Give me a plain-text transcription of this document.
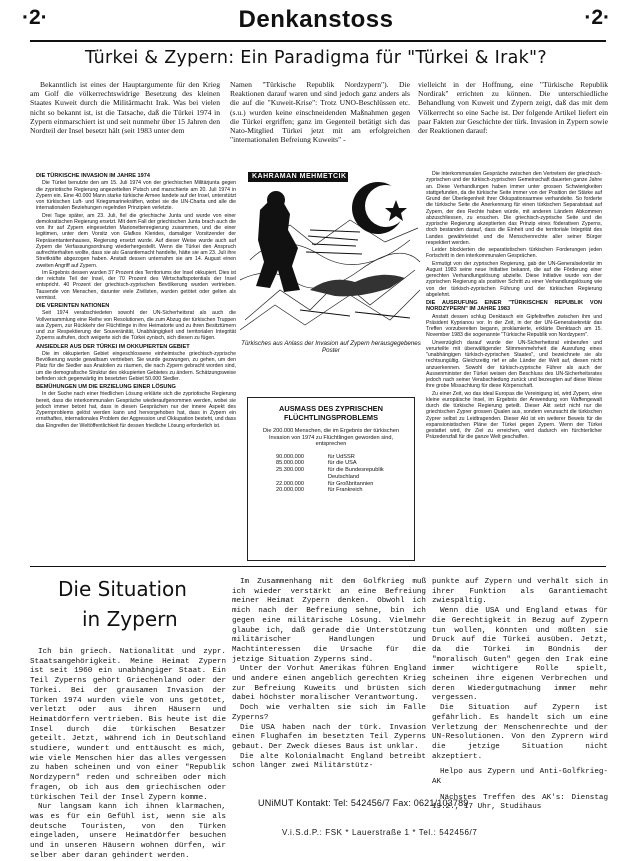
·2·	Denkanstoss	·2·
Türkei & Zypern: Ein Paradigma für "Türkei & Irak"?

Bekanntlich ist eines der Hauptargumente für den Krieg am Golf die völkerrechtswidrige Besetzung des kleinen Staates Kuweit durch die Militärmacht Irak. Was bei vielen nicht so bekannt ist, ist die Tatsache, daß die Türkei 1974 in Zypern einmarschiert ist und seit nunmehr über 15 Jahren den Nordteil der Insel besetzt hält (seit 1983 unter dem

Namen "Türkische Republik Nordzypern"). Die Reaktionen darauf waren und sind jedoch ganz anders als die auf die "Kuweit-Krise": Trotz UNO-Beschlüssen etc. (s.u.) wurden keine einschneidenden Maßnahmen gegen die Türkei ergriffen; ganz im Gegenteil betätigt sich das Nato-Mitglied Türkei jetzt mit am erfolgreichen "internationalen Befreiung Kuweits" -

vielleicht in der Hoffnung, eine "Türkische Republik Nordirak" errichten zu können. Die unterschiedliche Behandlung von Kuweit und Zypern zeigt, daß das mit dem Völkerrecht so eine Sache ist. Der folgende Artikel liefert ein paar Fakten zur Geschichte der türk. Invasion in Zypern sowie der Reaktionen darauf:

DIE TÜRKISCHE INVASION IM JAHRE 1974

Die Türkei benutzte den am 15. Juli 1974 von der griechischen Militärjunta gegen die zypriotische Regierung angezettelten Putsch und marschierte am 20. Juli 1974 in Zypern ein. Eine 40.000 Mann starke türkische Armee landete auf der Insel, unterstützt von türkischen Luft- und Kriegsmarinekräften, wobei sie die UN-Charta und alle die internationalen Beziehungen regelnden Prinzipien verletzte.

Drei Tage später, am 23. Juli, fiel die griechische Junta und wurde von einer demokratischen Regierung ersetzt. Mit dem Fall der griechischen Junta brach auch die von ihr auf Zypern eingesetzten Marionettenregierung zusammen, und die einer legitimen, unter dem Vorsitz von Glafkos Klerides, damaliger Vorsitzender der Repräsentantenhauses, Regierung ersetzt wurde. Auf dieser Weise wurde auch auf Zypern die Verfassungsordnung wiederhergestellt. Wenn die Türkei den Anspruch aufrechterhalten wollte, dass sie als Garantiemacht handelte, hätte sie am 23. Juli ihre Streitkräfte abgezogen haben. Anstatt dessen unternahm sie am 14. August einen zweiten Angriff auf Zypern.

Im Ergebnis dessen wurden 37 Prozent des Territoriums der Insel okkupiert. Dies ist der reichste Teil der Insel, der 70 Prozent des Wirtschaftspotentials der Insel entspricht. 40 Prozent der griechisch-zyprischen Bevölkerung wurden vertrieben. Tausende von Menschen, darunter viele Zivilisten, wurden getötet oder gelten als vermisst.

DIE VEREINTEN NATIONEN

Seit 1974 verabschiedeten sowohl der UN-Sicherheitsrat als auch die Vollversammlung eine Reihe von Resolutionen, die zum Abzug der türkischen Truppen aus Zypern, zur Rückkehr der Flüchtlinge in ihre Heimatorte und zu ihren Besitztümern und zur Respektierung der Souveränität, Unabhängigkeit und territorialen Integrität Zyperns aufrufen, doch weigerte sich die Türkei zynisch, sich diesen zu fügen.

ANSIEDLER AUS DER TÜRKEI IM OKKUPIERTEN GEBIET

Die im okkupierten Gebiet eingeschlossene einheimische griechisch-zyprische Bevölkerung wurde gewaltsam vertrieben. Sie wurde gezwungen, zu gehen, um den Platz für die Siedler aus Anatolien zu räumen, die nach Zypern gebracht worden sind, um die demografische Struktur des okkupierten Gebietes zu ändern. Schätzungsweise befinden sich gegenwärtig im besetzten Gebiet 50.000 Siedler.

BEMÜHUNGEN UM DIE ERZIELUNG EINER LÖSUNG

In der Suche nach einer friedlichen Lösung erklärte sich die zypriotische Regierung bereit, dass die interkommunalen Gespräche wiederaufgenommen werden, wobei sie jedoch immer betont hat, dass in diesen Gesprächen nur der innere Aspekt des Zypernproblems gelöst werden kann und hervorgehoben hat, dass in Zypern ein ernsthaftes, internationales Problem der Aggression und Okkupation besteht, und dass das Eingreifen der Weltöffentlichkeit für dessen friedliche Lösung erforderlich ist.

KAHRAMAN MEHMETCIK
Türkisches aus Anlass der Invasion auf Zypern herausgegebenes Poster
AUSMASS DES ZYPRISCHEN FLÜCHTLINGSPROBLEMS
Die 200.000 Menschen, die im Ergebnis der türkischen Invasion von 1974 zu Flüchtlingen geworden sind, entsprechen
90.000.000	für UdSSR
85.000.000	für die USA
25.300.000	für die Bundesrepublik Deutschland
22.000.000	für Großbritannien
20.000.000	für Frankreich

Die interkommunalen Gespräche zwischen den Vertretern der griechisch-zyprischen und der türkisch-zyprischen Gemeinschaft dauerten ganze Jahre an. Diese Verhandlungen haben immer unter grossen Schwierigkeiten stattgefunden, da die türkische Seite immer von der Position der Stärke auf Grund der Überlegenheit ihrer Okkupationsarmee verhandelte. So forderte die türkische Seite die Anerkennung für einen türkischen Separatstaat auf Zypern, der des Rechte haben würde, mit anderen Ländern Abkommen abzuschliessen, zu ersuchen. Die griechisch-zyprische Seite und die zyprische Regierung akzeptierten das Prinzip eines föderativen Zyperns, doch bestanden darauf, dass die Einheit und die territoriale Integrität des Landes gewährleistet und die Menschenrechte aller seiner Bürger respektiert werden.

Leider blockierten die separatistischen türkischen Forderungen jeden Fortschritt in den interkommunalen Gesprächen.

Ermutigt von der zyprischen Regierung, gab der UN-Generalsekretär im August 1983 seine neue Initiative bekannt, die auf die Förderung einer gerechten Verhandlungslösung abzielte. Diese Initiative wurde von der zyprischen Regierung als positiver Schritt zu einer Verhandlungslösung wie von der türkisch-zyprischen Führung und der türkischen Regierung abgelehnt.

DIE AUSRUFUNG EINER "TÜRKISCHEN REPUBLIK VON NORDZYPERN" IM JAHRE 1983

Anstatt dessen schlug Denktasch ein Gipfeltreffen zwischen ihm und Präsident Kyprianou vor. In der Zeit, in der der UN-Generalsekretär das Treffen vorzubereiten begann, proklamierte, erklärte Denktasch am 15. November 1983 die sogenannte "Türkische Republik von Nordzypern".

Unverzüglich darauf wurde der UN-Sicherheitsrat einberufen und verurteilte mit überwältigender Stimmenmehrheit die Ausrufung eines "unabhängigen türkisch-zyprischen Staates", und bezeichnete sie als rechtsungültig. Gleichzeitig rief er alle Länder der Welt auf, diesen nicht anzuerkennen. Sowohl der türkisch-zyprische Führer als auch der Aussenminister der Türkei weisen den Beschluss des UN-Sicherheitsrates jedoch nach seiner Verabschiedung zurück und bezeugten auf diese Weise ihre grobe Missachtung für diese Körperschaft.

Zu einer Zeit, wo das ideal Europas die Vereinigung ist, wird Zypern, eine kleine europäische Insel, im Ergebnis der Anwendung von Waffengewalt durch die türkische Regierung geteilt. Dieser Akt setzt nicht nur die griechischen Zyprer grossen Qualen aus, sondern verursacht die türkischen Zyprer selbst zu Leidtragenden. Dieser Akt ist ein weiterer Beweis für die expansionistischen Pläne der Türkei gegen Zypern. Wenn der Türkei gestattet wird, ihr Ziel zu erreichen, wird dadurch ein fürchterlicher Präzedenzfall für die ganze Welt geschaffen.

Die Situation
in Zypern

Ich bin griech. Nationalität und zypr. Staatsangehörigkeit. Meine Heimat Zypern ist seit 1960 ein unabhängiger Staat. Ein Teil Zyperns gehört Griechenland oder der Türkei. Bei der grausamen Invasion der Türken 1974 wurden viele von uns getötet, verletzt oder aus ihren Häusern und Heimatdörfern vertrieben. Bis heute ist die Insel durch die türkischen Besatzer geteilt. Jetzt, während ich in Deutschland studiere, wundert und enttäuscht es mich, wie viele Menschen hier das alles vergessen zu haben scheinen und von einer "Republik Nordzypern" reden und schreiben oder mich fragen, ob ich aus dem griechischen oder türkischen Teil der Insel Zypern komme.

Nur langsam kann ich ihnen klarmachen, was es für ein Gefühl ist, wenn sie als deutsche Touristen, von den Türken eingeladen, unsere Heimatdörfer besuchen und in unseren Häusern wohnen dürfen, wir selber aber daran gehindert werden.

Im Zusammenhang mit dem Golfkrieg muß ich wieder verstärkt an eine Befreiung meiner Heimat Zypern denken. Obwohl ich mich nach der Befreiung sehne, bin ich gegen eine militärische Lösung. Vielmehr glaube ich, daß gerade die Unterstützung militärischer Handlungen und Machtinteressen die Ursache für die jetzige Situation Zyperns sind.

Unter der Vorhut Amerikas führen England und andere einen angeblich gerechten Krieg zur Befreiung Kuweits und brüsten sich dabei höchster moralischer Verantwortung.

Doch wie verhalten sie sich im Falle Zyperns?

Die USA haben nach der türk. Invasion einen Flughafen im besetzten Teil Zyperns gebaut. Der Zweck dieses Baus ist unklar.

Die alte Kolonialmacht England betreibt schon länger zwei Militärstütz-

punkte auf Zypern und verhält sich in ihrer Funktion als Garantiemacht zwiespältig.

Wenn die USA und England etwas für die Gerechtigkeit in Bezug auf Zypern tun wollen, könnten und müßten sie Druck auf die Türkei ausüben. Jetzt, da die Türkei im Bündnis der "moralisch Guten" gegen den Irak eine immer wichtigere Rolle spielt, scheinen ihre eigenen Verbrechen und deren Wiedergutmachung immer mehr vergessen.

Die Situation auf Zypern ist gefährlich. Es handelt sich um eine Verletzung der Menschenrechte und der UN-Resolutionen. Von den Zyprern wird die jetzige Situation nicht akzeptiert.

Helpo aus Zypern und Anti-Golfkrieg-AK

Nächstes Treffen des AK's: Dienstag 19.2., 17 Uhr, Studihaus

UNiMUT Kontakt: Tel: 542456/7 Fax: 0621/103789
V.i.S.d.P.: FSK * Lauerstraße 1 * Tel.: 542456/7
